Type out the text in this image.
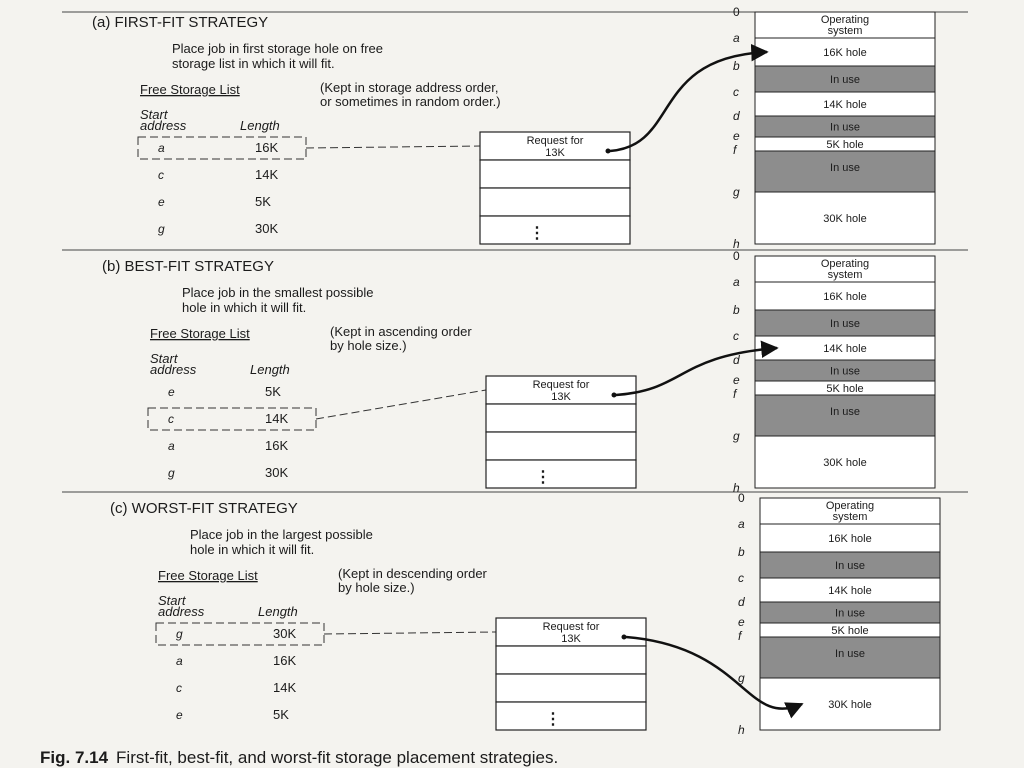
(a) FIRST-FIT STRATEGY
Place job in first storage hole on free
storage list in which it will fit.
Free Storage List	(Kept in storage address order,
or sometimes in random order.)
Start
address	Length
a	16K
c	14K
e	5K
g	30K
Request for
13K
⋮
Operating
system
16K hole
In use
14K hole
In use
5K hole
In use
30K hole
0
a
b
c
d
e
f
g
h
(b) BEST-FIT STRATEGY
Place job in the smallest possible
hole in which it will fit.
Free Storage List	(Kept in ascending order
by hole size.)
Start
address	Length
e	5K
c	14K
a	16K
g	30K
Request for
13K
⋮
Operating
system
16K hole
In use
14K hole
In use
5K hole
In use
30K hole
0
a
b
c
d
e
f
g
h
(c) WORST-FIT STRATEGY
Place job in the largest possible
hole in which it will fit.
Free Storage List	(Kept in descending order
by hole size.)
Start
address	Length
g	30K
a	16K
c	14K
e	5K
Request for
13K
⋮
Operating
system
16K hole
In use
14K hole
In use
5K hole
In use
30K hole
0
a
b
c
d
e
f
g
h
Fig. 7.14 First-fit, best-fit, and worst-fit storage placement strategies.
